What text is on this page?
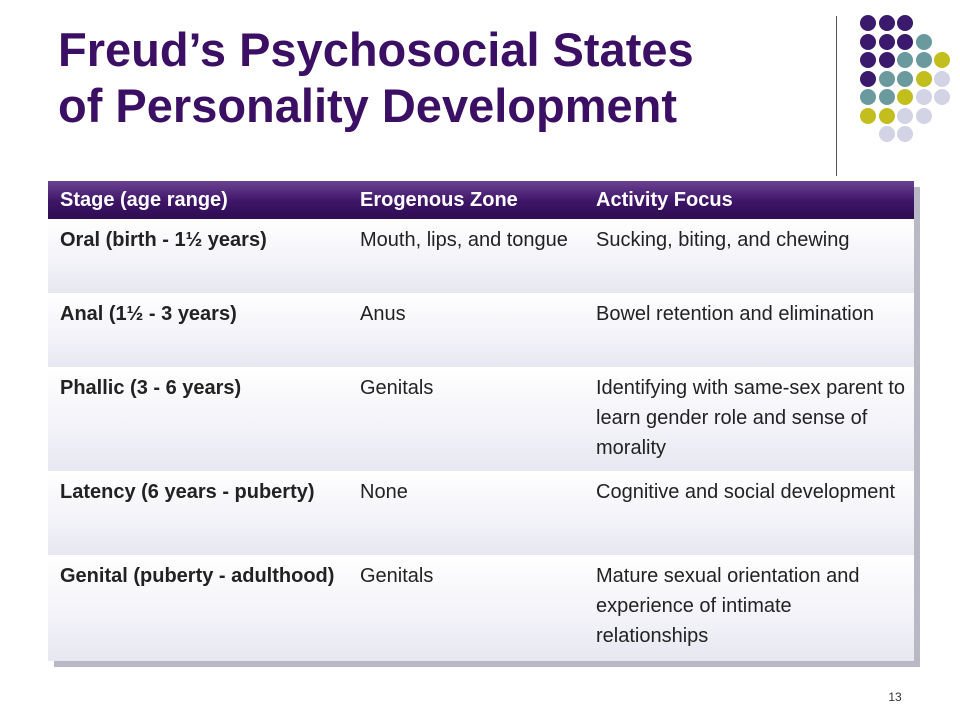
Freud’s Psychosocial States
of Personality Development
Stage (age range)	Erogenous Zone	Activity Focus
Oral (birth - 1½ years)	Mouth, lips, and tongue	Sucking, biting, and chewing
Anal (1½ - 3 years)	Anus	Bowel retention and elimination
Phallic (3 - 6 years)	Genitals	Identifying with same-sex parent to learn gender role and sense of morality
Latency (6 years - puberty)	None	Cognitive and social development
Genital (puberty - adulthood)	Genitals	Mature sexual orientation and experience of intimate relationships
13
